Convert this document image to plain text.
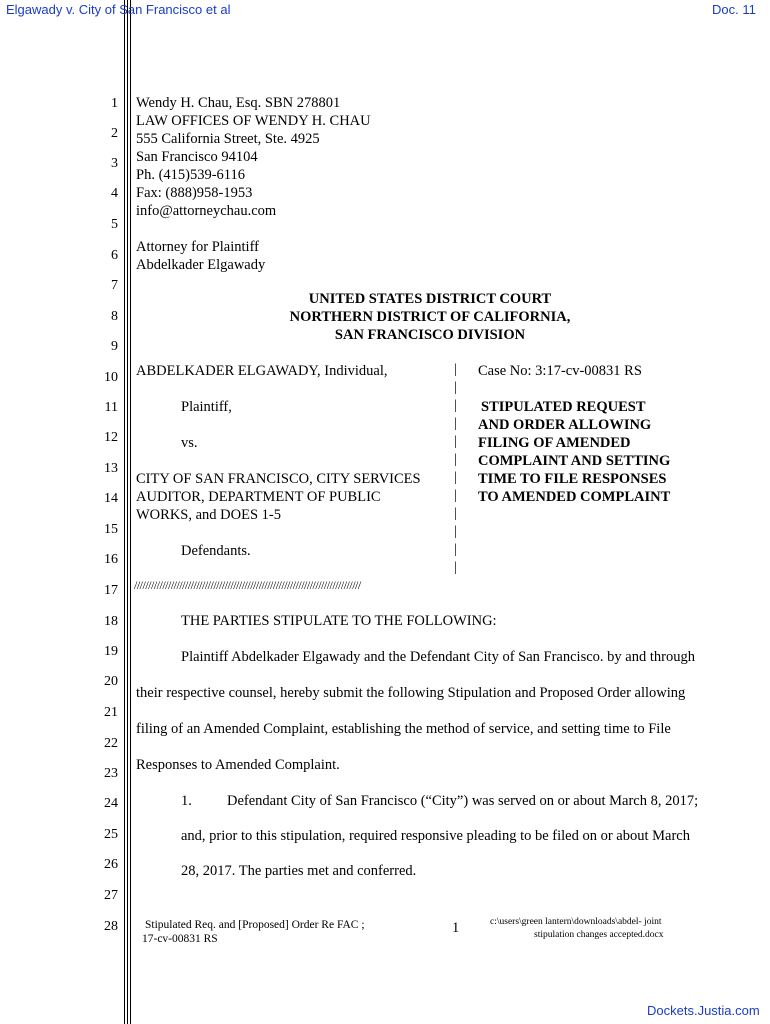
Elgawady v. City of San Francisco et al	Doc. 11
1
2
3
4
5
6
7
8
9
10
11
12
13
14
15
16
17
18
19
20
21
22
23
24
25
26
27
28
Wendy H. Chau, Esq. SBN 278801
LAW OFFICES OF WENDY H. CHAU
555 California Street, Ste. 4925
San Francisco 94104
Ph. (415)539-6116
Fax: (888)958-1953
info@attorneychau.com
Attorney for Plaintiff
Abdelkader Elgawady
UNITED STATES DISTRICT COURT
NORTHERN DISTRICT OF CALIFORNIA,
SAN FRANCISCO DIVISION
ABDELKADER ELGAWADY, Individual,
Plaintiff,
vs.
CITY OF SAN FRANCISCO, CITY SERVICES
AUDITOR, DEPARTMENT OF PUBLIC
WORKS, and DOES 1-5
Defendants.
////////////////////////////////////////////////////////////////////////////////
|
|
|
|
|
|
|
|
|
|
|
|
Case No: 3:17-cv-00831 RS
STIPULATED REQUEST
AND ORDER ALLOWING
FILING OF AMENDED
COMPLAINT AND SETTING
TIME TO FILE RESPONSES
TO AMENDED COMPLAINT
THE PARTIES STIPULATE TO THE FOLLOWING:
Plaintiff Abdelkader Elgawady and the Defendant City of San Francisco. by and through
their respective counsel, hereby submit the following Stipulation and Proposed Order allowing
filing of an Amended Complaint, establishing the method of service, and setting time to File
Responses to Amended Complaint.
1. Defendant City of San Francisco (“City”) was served on or about March 8, 2017;
and, prior to this stipulation, required responsive pleading to be filed on or about March
28, 2017. The parties met and conferred.
Stipulated Req. and [Proposed] Order Re FAC ;
17-cv-00831 RS
1	c:\users\green lantern\downloads\abdel- joint
stipulation changes accepted.docx
Dockets.Justia.com
